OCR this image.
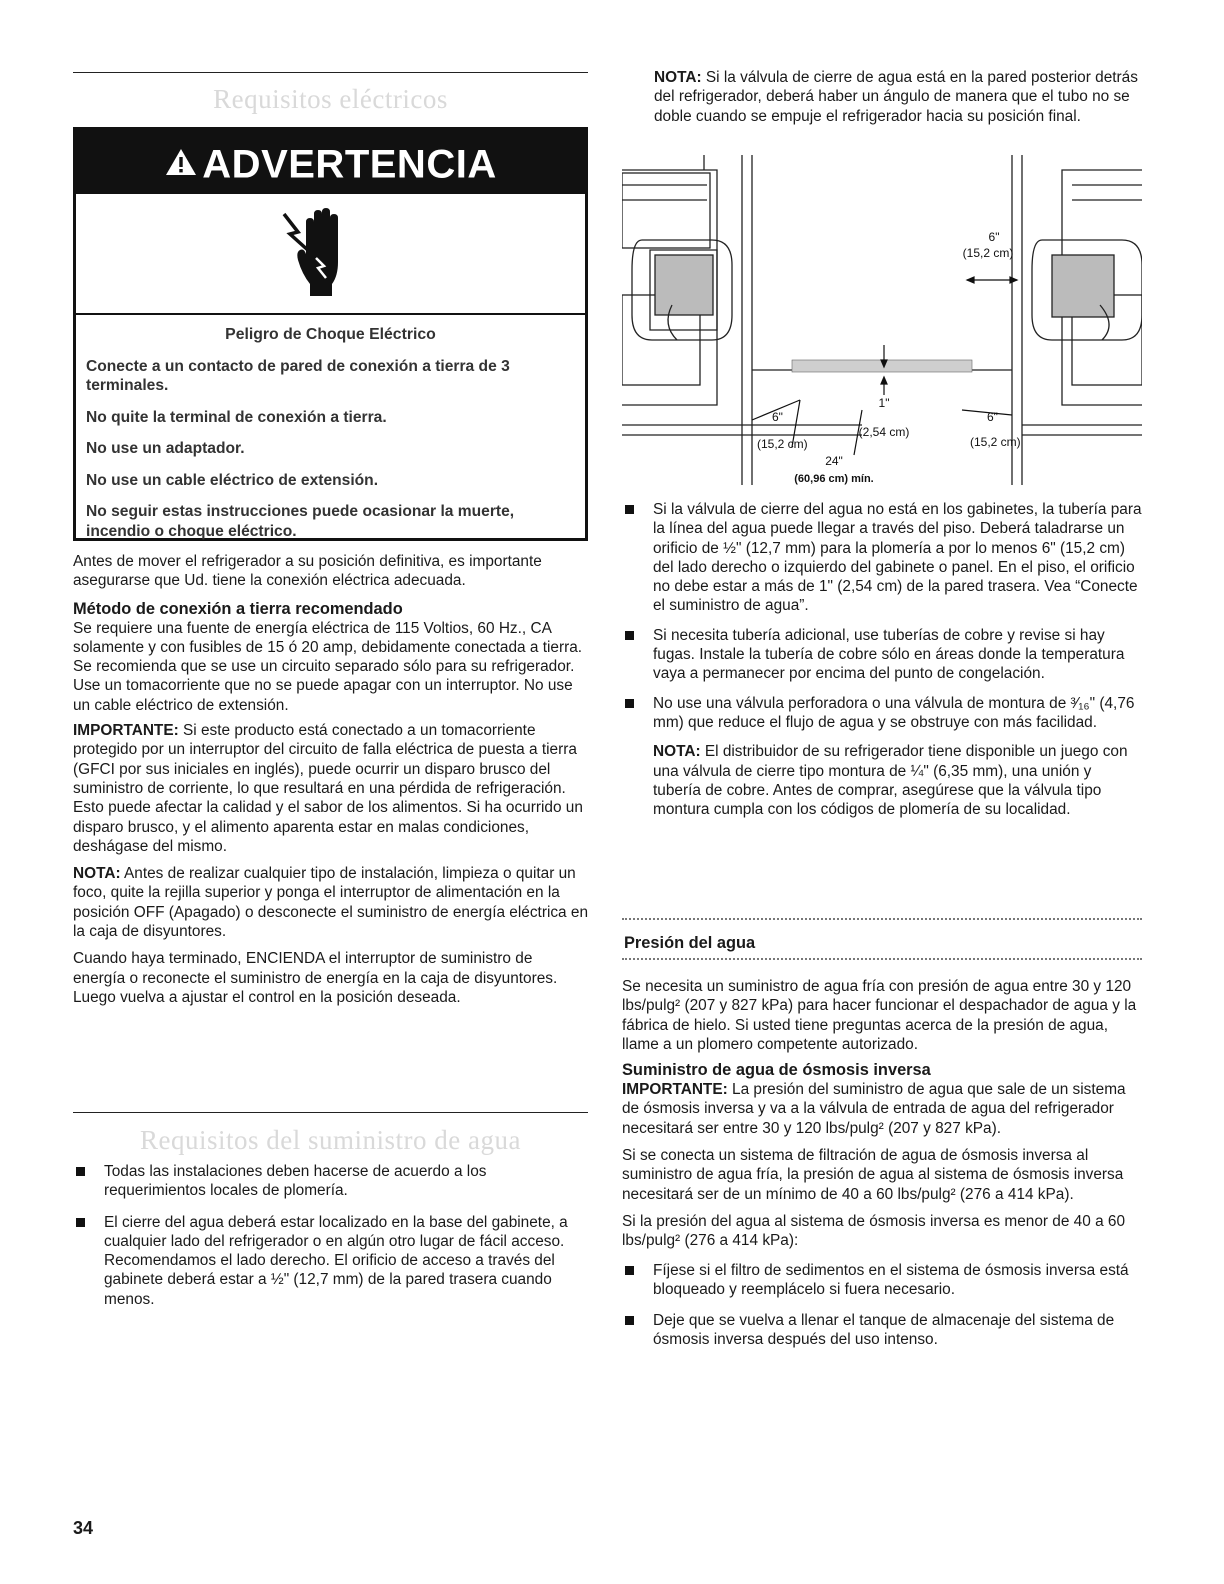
Requisitos eléctricos
ADVERTENCIA

Peligro de Choque Eléctrico

Conecte a un contacto de pared de conexión a tierra de 3 terminales.

No quite la terminal de conexión a tierra.

No use un adaptador.

No use un cable eléctrico de extensión.

No seguir estas instrucciones puede ocasionar la muerte, incendio o choque eléctrico.

Antes de mover el refrigerador a su posición definitiva, es importante asegurarse que Ud. tiene la conexión eléctrica adecuada.

Método de conexión a tierra recomendado

Se requiere una fuente de energía eléctrica de 115 Voltios, 60 Hz., CA solamente y con fusibles de 15 ó 20 amp, debidamente conectada a tierra. Se recomienda que se use un circuito separado sólo para su refrigerador. Use un tomacorriente que no se puede apagar con un interruptor. No use un cable eléctrico de extensión.

IMPORTANTE: Si este producto está conectado a un tomacorriente protegido por un interruptor del circuito de falla eléctrica de puesta a tierra (GFCI por sus iniciales en inglés), puede ocurrir un disparo brusco del suministro de corriente, lo que resultará en una pérdida de refrigeración. Esto puede afectar la calidad y el sabor de los alimentos. Si ha ocurrido un disparo brusco, y el alimento aparenta estar en malas condiciones, deshágase del mismo.

NOTA: Antes de realizar cualquier tipo de instalación, limpieza o quitar un foco, quite la rejilla superior y ponga el interruptor de alimentación en la posición OFF (Apagado) o desconecte el suministro de energía eléctrica en la caja de disyuntores.

Cuando haya terminado, ENCIENDA el interruptor de suministro de energía o reconecte el suministro de energía en la caja de disyuntores. Luego vuelva a ajustar el control en la posición deseada.

Requisitos del suministro de agua

Todas las instalaciones deben hacerse de acuerdo a los requerimientos locales de plomería.

El cierre del agua deberá estar localizado en la base del gabinete, a cualquier lado del refrigerador o en algún otro lugar de fácil acceso. Recomendamos el lado derecho. El orificio de acceso a través del gabinete deberá estar a ½" (12,7 mm) de la pared trasera cuando menos.

34

NOTA: Si la válvula de cierre de agua está en la pared posterior detrás del refrigerador, deberá haber un ángulo de manera que el tubo no se doble cuando se empuje el refrigerador hacia su posición final.

6"
(15,2 cm)
6"
(15,2 cm)
1"
(2,54 cm)
6"
(15,2 cm)
24"
(60,96 cm) mín.

Si la válvula de cierre del agua no está en los gabinetes, la tubería para la línea del agua puede llegar a través del piso. Deberá taladrarse un orificio de ½" (12,7 mm) para la plomería a por lo menos 6" (15,2 cm) del lado derecho o izquierdo del gabinete o panel. En el piso, el orificio no debe estar a más de 1" (2,54 cm) de la pared trasera. Vea “Conecte el suministro de agua”.

Si necesita tubería adicional, use tuberías de cobre y revise si hay fugas. Instale la tubería de cobre sólo en áreas donde la temperatura vaya a permanecer por encima del punto de congelación.

No use una válvula perforadora o una válvula de montura de ³⁄₁₆" (4,76 mm) que reduce el flujo de agua y se obstruye con más facilidad.

NOTA: El distribuidor de su refrigerador tiene disponible un juego con una válvula de cierre tipo montura de ¼" (6,35 mm), una unión y tubería de cobre. Antes de comprar, asegúrese que la válvula tipo montura cumpla con los códigos de plomería de su localidad.

Presión del agua

Se necesita un suministro de agua fría con presión de agua entre 30 y 120 lbs/pulg² (207 y 827 kPa) para hacer funcionar el despachador de agua y la fábrica de hielo. Si usted tiene preguntas acerca de la presión de agua, llame a un plomero competente autorizado.

Suministro de agua de ósmosis inversa

IMPORTANTE: La presión del suministro de agua que sale de un sistema de ósmosis inversa y va a la válvula de entrada de agua del refrigerador necesitará ser entre 30 y 120 lbs/pulg² (207 y 827 kPa).

Si se conecta un sistema de filtración de agua de ósmosis inversa al suministro de agua fría, la presión de agua al sistema de ósmosis inversa necesitará ser de un mínimo de 40 a 60 lbs/pulg² (276 a 414 kPa).

Si la presión del agua al sistema de ósmosis inversa es menor de 40 a 60 lbs/pulg² (276 a 414 kPa):

Fíjese si el filtro de sedimentos en el sistema de ósmosis inversa está bloqueado y reemplácelo si fuera necesario.

Deje que se vuelva a llenar el tanque de almacenaje del sistema de ósmosis inversa después del uso intenso.
